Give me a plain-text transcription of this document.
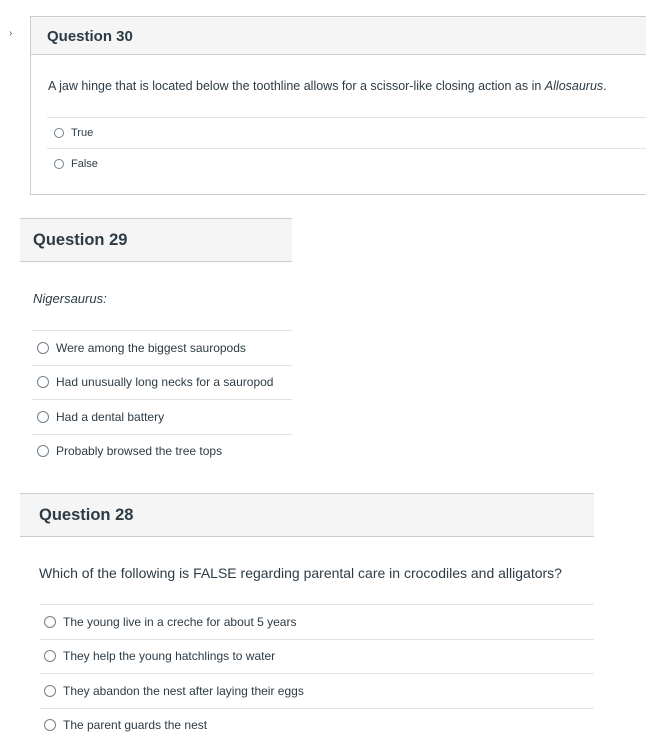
›	Question 30
A jaw hinge that is located below the toothline allows for a scissor-like closing action as in Allosaurus.
True
False
Question 29
Nigersaurus:
Were among the biggest sauropods
Had unusually long necks for a sauropod
Had a dental battery
Probably browsed the tree tops
Question 28
Which of the following is FALSE regarding parental care in crocodiles and alligators?
The young live in a creche for about 5 years
They help the young hatchlings to water
They abandon the nest after laying their eggs
The parent guards the nest
